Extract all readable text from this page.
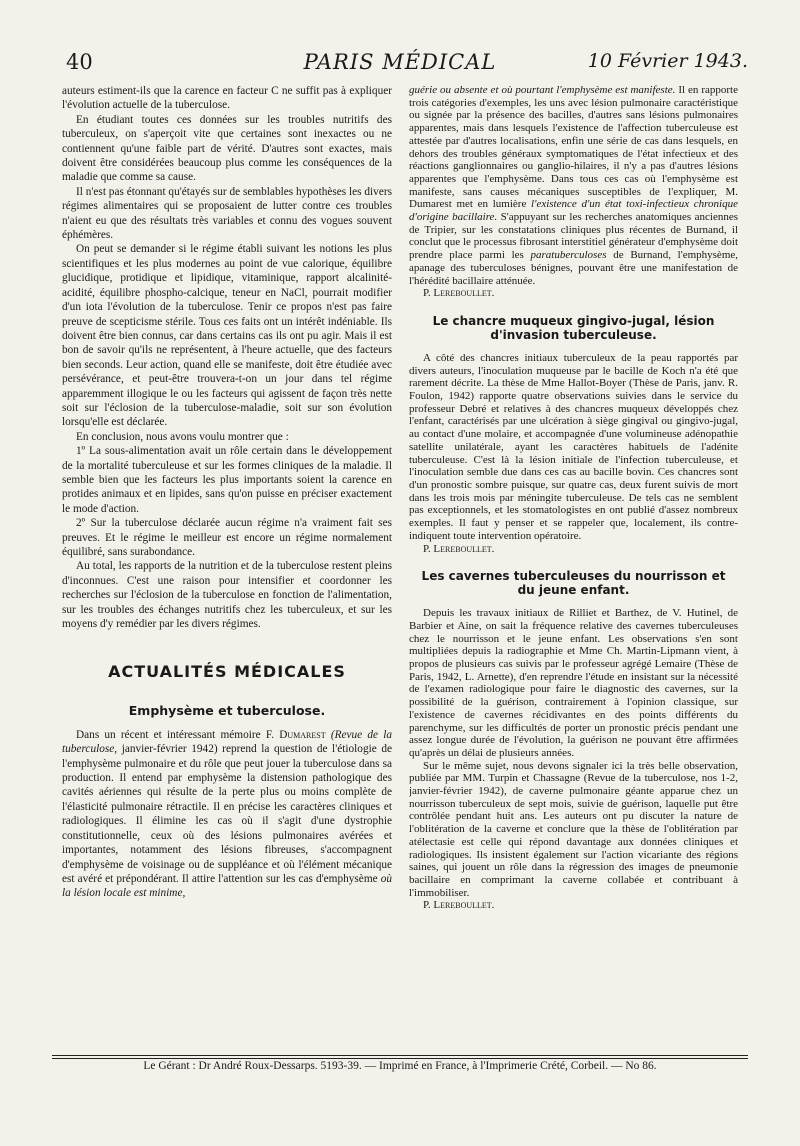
40	PARIS MÉDICAL	10 Février 1943.

auteurs estiment-ils que la carence en facteur C ne suffit pas à expliquer l'évolution actuelle de la tuberculose.

En étudiant toutes ces données sur les troubles nutritifs des tuberculeux, on s'aperçoit vite que certaines sont inexactes ou ne contiennent qu'une faible part de vérité. D'autres sont exactes, mais doivent être considérées beaucoup plus comme les conséquences de la maladie que comme sa cause.

Il n'est pas étonnant qu'étayés sur de semblables hypothèses les divers régimes alimentaires qui se proposaient de lutter contre ces troubles n'aient eu que des résultats très variables et connu des vogues souvent éphémères.

On peut se demander si le régime établi suivant les notions les plus scientifiques et les plus modernes au point de vue calorique, équilibre glucidique, protidique et lipidique, vitaminique, rapport alcalinité-acidité, équilibre phospho-calcique, teneur en NaCl, pourrait modifier d'un iota l'évolution de la tuberculose. Tenir ce propos n'est pas faire preuve de scepticisme stérile. Tous ces faits ont un intérêt indéniable. Ils doivent être bien connus, car dans certains cas ils ont pu agir. Mais il est bon de savoir qu'ils ne représentent, à l'heure actuelle, que des facteurs bien seconds. Leur action, quand elle se manifeste, doit être étudiée avec persévérance, et peut-être trouvera-t-on un jour dans tel régime apparemment illogique le ou les facteurs qui agissent de façon très nette soit sur l'éclosion de la tuberculose-maladie, soit sur son évolution lorsqu'elle est déclarée.

En conclusion, nous avons voulu montrer que :

1º La sous-alimentation avait un rôle certain dans le développement de la mortalité tuberculeuse et sur les formes cliniques de la maladie. Il semble bien que les facteurs les plus importants soient la carence en protides animaux et en lipides, sans qu'on puisse en préciser exactement le mode d'action.

2º Sur la tuberculose déclarée aucun régime n'a vraiment fait ses preuves. Et le régime le meilleur est encore un régime normalement équilibré, sans surabondance.

Au total, les rapports de la nutrition et de la tuberculose restent pleins d'inconnues. C'est une raison pour intensifier et coordonner les recherches sur l'éclosion de la tuberculose en fonction de l'alimentation, sur les troubles des échanges nutritifs chez les tuberculeux, et sur les moyens d'y remédier par les divers régimes.

ACTUALITÉS MÉDICALES
Emphysème et tuberculose.

Dans un récent et intéressant mémoire F. Dumarest (Revue de la tuberculose, janvier-février 1942) reprend la question de l'étiologie de l'emphysème pulmonaire et du rôle que peut jouer la tuberculose dans sa production. Il entend par emphysème la distension pathologique des cavités aériennes qui résulte de la perte plus ou moins complète de l'élasticité pulmonaire rétractile. Il en précise les caractères cliniques et radiologiques. Il élimine les cas où il s'agit d'une dystrophie constitutionnelle, ceux où des lésions pulmonaires avérées et importantes, notamment des lésions fibreuses, s'accompagnent d'emphysème de voisinage ou de suppléance et où l'élément mécanique est avéré et prépondérant. Il attire l'attention sur les cas d'emphysème où la lésion locale est minime,

guérie ou absente et où pourtant l'emphysème est manifeste. Il en rapporte trois catégories d'exemples, les uns avec lésion pulmonaire caractéristique ou signée par la présence des bacilles, d'autres sans lésions pulmonaires apparentes, mais dans lesquels l'existence de l'affection tuberculeuse est attestée par d'autres localisations, enfin une série de cas dans lesquels, en dehors des troubles généraux symptomatiques de l'état infectieux et des réactions ganglionnaires ou ganglio-hilaires, il n'y a pas d'autres lésions apparentes que l'emphysème. Dans tous ces cas où l'emphysème est manifeste, sans causes mécaniques susceptibles de l'expliquer, M. Dumarest met en lumière l'existence d'un état toxi-infectieux chronique d'origine bacillaire. S'appuyant sur les recherches anatomiques anciennes de Tripier, sur les constatations cliniques plus récentes de Burnand, il conclut que le processus fibrosant interstitiel générateur d'emphysème doit prendre place parmi les paratuberculoses de Burnand, l'emphysème, apanage des tuberculoses bénignes, pouvant être une manifestation de l'hérédité bacillaire atténuée.

P. Lereboullet.

Le chancre muqueux gingivo-jugal, lésion d'invasion tuberculeuse.

A côté des chancres initiaux tuberculeux de la peau rapportés par divers auteurs, l'inoculation muqueuse par le bacille de Koch n'a été que rarement décrite. La thèse de Mme Hallot-Boyer (Thèse de Paris, janv. R. Foulon, 1942) rapporte quatre observations suivies dans le service du professeur Debré et relatives à des chancres muqueux développés chez l'enfant, caractérisés par une ulcération à siège gingival ou gingivo-jugal, au contact d'une molaire, et accompagnée d'une volumineuse adénopathie satellite unilatérale, ayant les caractères habituels de l'adénite tuberculeuse. C'est là la lésion initiale de l'infection tuberculeuse, et l'inoculation semble due dans ces cas au bacille bovin. Ces chancres sont d'un pronostic sombre puisque, sur quatre cas, deux furent suivis de mort dans les trois mois par méningite tuberculeuse. De tels cas ne semblent pas exceptionnels, et les stomatologistes en ont publié d'assez nombreux exemples. Il faut y penser et se rappeler que, localement, ils contre-indiquent toute intervention opératoire.

P. Lereboullet.

Les cavernes tuberculeuses du nourrisson et du jeune enfant.

Depuis les travaux initiaux de Rilliet et Barthez, de V. Hutinel, de Barbier et Aine, on sait la fréquence relative des cavernes tuberculeuses chez le nourrisson et le jeune enfant. Les observations s'en sont multipliées depuis la radiographie et Mme Ch. Martin-Lipmann vient, à propos de plusieurs cas suivis par le professeur agrégé Lemaire (Thèse de Paris, 1942, L. Arnette), d'en reprendre l'étude en insistant sur la nécessité de l'examen radiologique pour faire le diagnostic des cavernes, sur la possibilité de la guérison, contrairement à l'opinion classique, sur l'existence de cavernes récidivantes en des points différents du parenchyme, sur les difficultés de porter un pronostic précis pendant une assez longue durée de l'évolution, la guérison ne pouvant être affirmées qu'après un délai de plusieurs années.

Sur le même sujet, nous devons signaler ici la très belle observation, publiée par MM. Turpin et Chassagne (Revue de la tuberculose, nos 1-2, janvier-février 1942), de caverne pulmonaire géante apparue chez un nourrisson tuberculeux de sept mois, suivie de guérison, laquelle put être contrôlée pendant huit ans. Les auteurs ont pu discuter la nature de l'oblitération de la caverne et conclure que la thèse de l'oblitération par atélectasie est celle qui répond davantage aux données cliniques et radiologiques. Ils insistent également sur l'action vicariante des régions saines, qui jouent un rôle dans la régression des images de pneumonie bacillaire en comprimant la caverne collabée et contribuant à l'immobiliser.

P. Lereboullet.

Le Gérant : Dr André Roux-Dessarps. 5193-39. — Imprimé en France, à l'Imprimerie Crété, Corbeil. — No 86.
